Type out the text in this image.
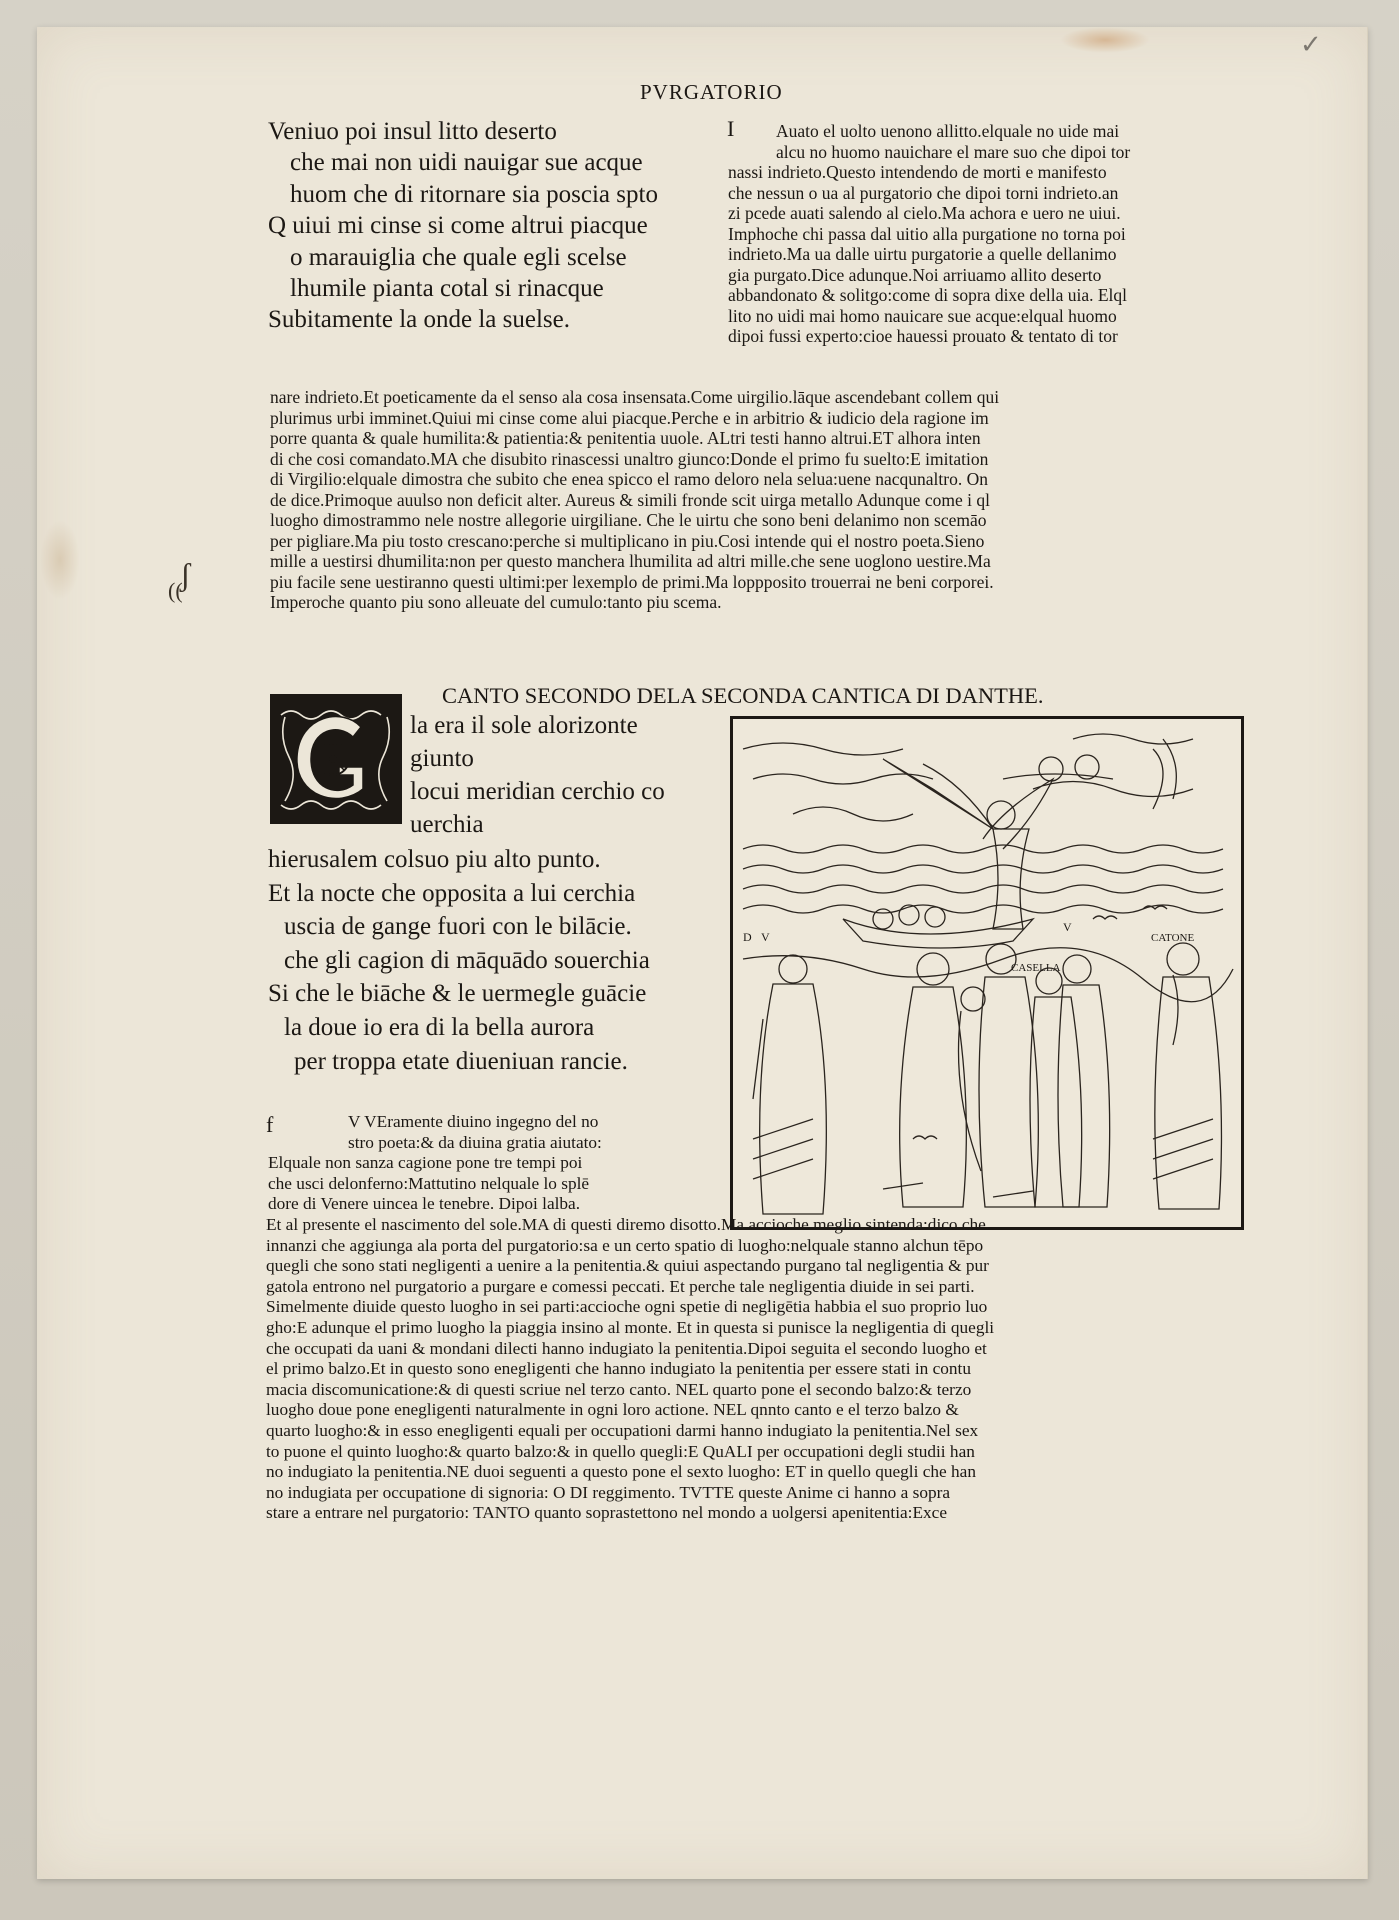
✓
PVRGATORIO
Veniuo poi insul litto deserto
che mai non uidi nauigar sue acque
huom che di ritornare sia poscia spto
Q uiui mi cinse si come altrui piacque
o marauiglia che quale egli scelse
lhumile pianta cotal si rinacque
Subitamente la onde la suelse.
I	Auato el uolto uenono allitto.elquale no uide mai
alcu no huomo nauichare el mare suo che dipoi tor
nassi indrieto.Questo intendendo de morti e manifesto
che nessun o ua al purgatorio che dipoi torni indrieto.an
zi pcede auati salendo al cielo.Ma achora e uero ne uiui.
Imphoche chi passa dal uitio alla purgatione no torna poi
indrieto.Ma ua dalle uirtu purgatorie a quelle dellanimo
gia purgato.Dice adunque.Noi arriuamo allito deserto
abbandonato & solitgo:come di sopra dixe della uia. Elql
lito no uidi mai homo nauicare sue acque:elqual huomo
dipoi fussi experto:cioe hauessi prouato & tentato di tor
nare indrieto.Et poeticamente da el senso ala cosa insensata.Come uirgilio.lāque ascendebant collem qui
plurimus urbi imminet.Quiui mi cinse come alui piacque.Perche e in arbitrio & iudicio dela ragione im
porre quanta & quale humilita:& patientia:& penitentia uuole. ALtri testi hanno altrui.ET alhora inten
di che cosi comandato.MA che disubito rinascessi unaltro giunco:Donde el primo fu suelto:E imitation
di Virgilio:elquale dimostra che subito che enea spicco el ramo deloro nela selua:uene nacqunaltro. On
de dice.Primoque auulso non deficit alter. Aureus & simili fronde scit uirga metallo Adunque come i ql
luogho dimostrammo nele nostre allegorie uirgiliane. Che le uirtu che sono beni delanimo non scemāo
per pigliare.Ma piu tosto crescano:perche si multiplicano in piu.Cosi intende qui el nostro poeta.Sieno
mille a uestirsi dhumilita:non per questo manchera lhumilita ad altri mille.che sene uoglono uestire.Ma
piu facile sene uestiranno questi ultimi:per lexemplo de primi.Ma loppposito trouerrai ne beni corporei.
Imperoche quanto piu sono alleuate del cumulo:tanto piu scema.
CANTO SECONDO DELA SECONDA CANTICA DI DANTHE.
la era il sole alorizonte
giunto
locui meridian cerchio co
uerchia
hierusalem colsuo piu alto punto.
Et la nocte che opposita a lui cerchia
uscia de gange fuori con le bilācie.
che gli cagion di māquādo souerchia
Si che le biāche & le uermegle guācie
la doue io era di la bella aurora
per troppa etate diueniuan rancie.
V
V
CASELLA
CATONE
D
f	V VEramente diuino ingegno del no
stro poeta:& da diuina gratia aiutato:
Elquale non sanza cagione pone tre tempi poi
che usci delonferno:Mattutino nelquale lo splē
dore di Venere uincea le tenebre. Dipoi lalba.
Et al presente el nascimento del sole.MA di questi diremo disotto.Ma accioche meglio sintenda:dico che
innanzi che aggiunga ala porta del purgatorio:sa e un certo spatio di luogho:nelquale stanno alchun tēpo
quegli che sono stati negligenti a uenire a la penitentia.& quiui aspectando purgano tal negligentia & pur
gatola entrono nel purgatorio a purgare e comessi peccati. Et perche tale negligentia diuide in sei parti.
Simelmente diuide questo luogho in sei parti:accioche ogni spetie di negligētia habbia el suo proprio luo
gho:E adunque el primo luogho la piaggia insino al monte. Et in questa si punisce la negligentia di quegli
che occupati da uani & mondani dilecti hanno indugiato la penitentia.Dipoi seguita el secondo luogho et
el primo balzo.Et in questo sono enegligenti che hanno indugiato la penitentia per essere stati in contu
macia discomunicatione:& di questi scriue nel terzo canto. NEL quarto pone el secondo balzo:& terzo
luogho doue pone enegligenti naturalmente in ogni loro actione. NEL qnnto canto e el terzo balzo &
quarto luogho:& in esso enegligenti equali per occupationi darmi hanno indugiato la penitentia.Nel sex
to puone el quinto luogho:& quarto balzo:& in quello quegli:E QuALI per occupationi degli studii han
no indugiato la penitentia.NE duoi seguenti a questo pone el sexto luogho: ET in quello quegli che han
no indugiata per occupatione di signoria: O DI reggimento. TVTTE queste Anime ci hanno a sopra
stare a entrare nel purgatorio: TANTO quanto soprastettono nel mondo a uolgersi apenitentia:Exce
ʃ
((
